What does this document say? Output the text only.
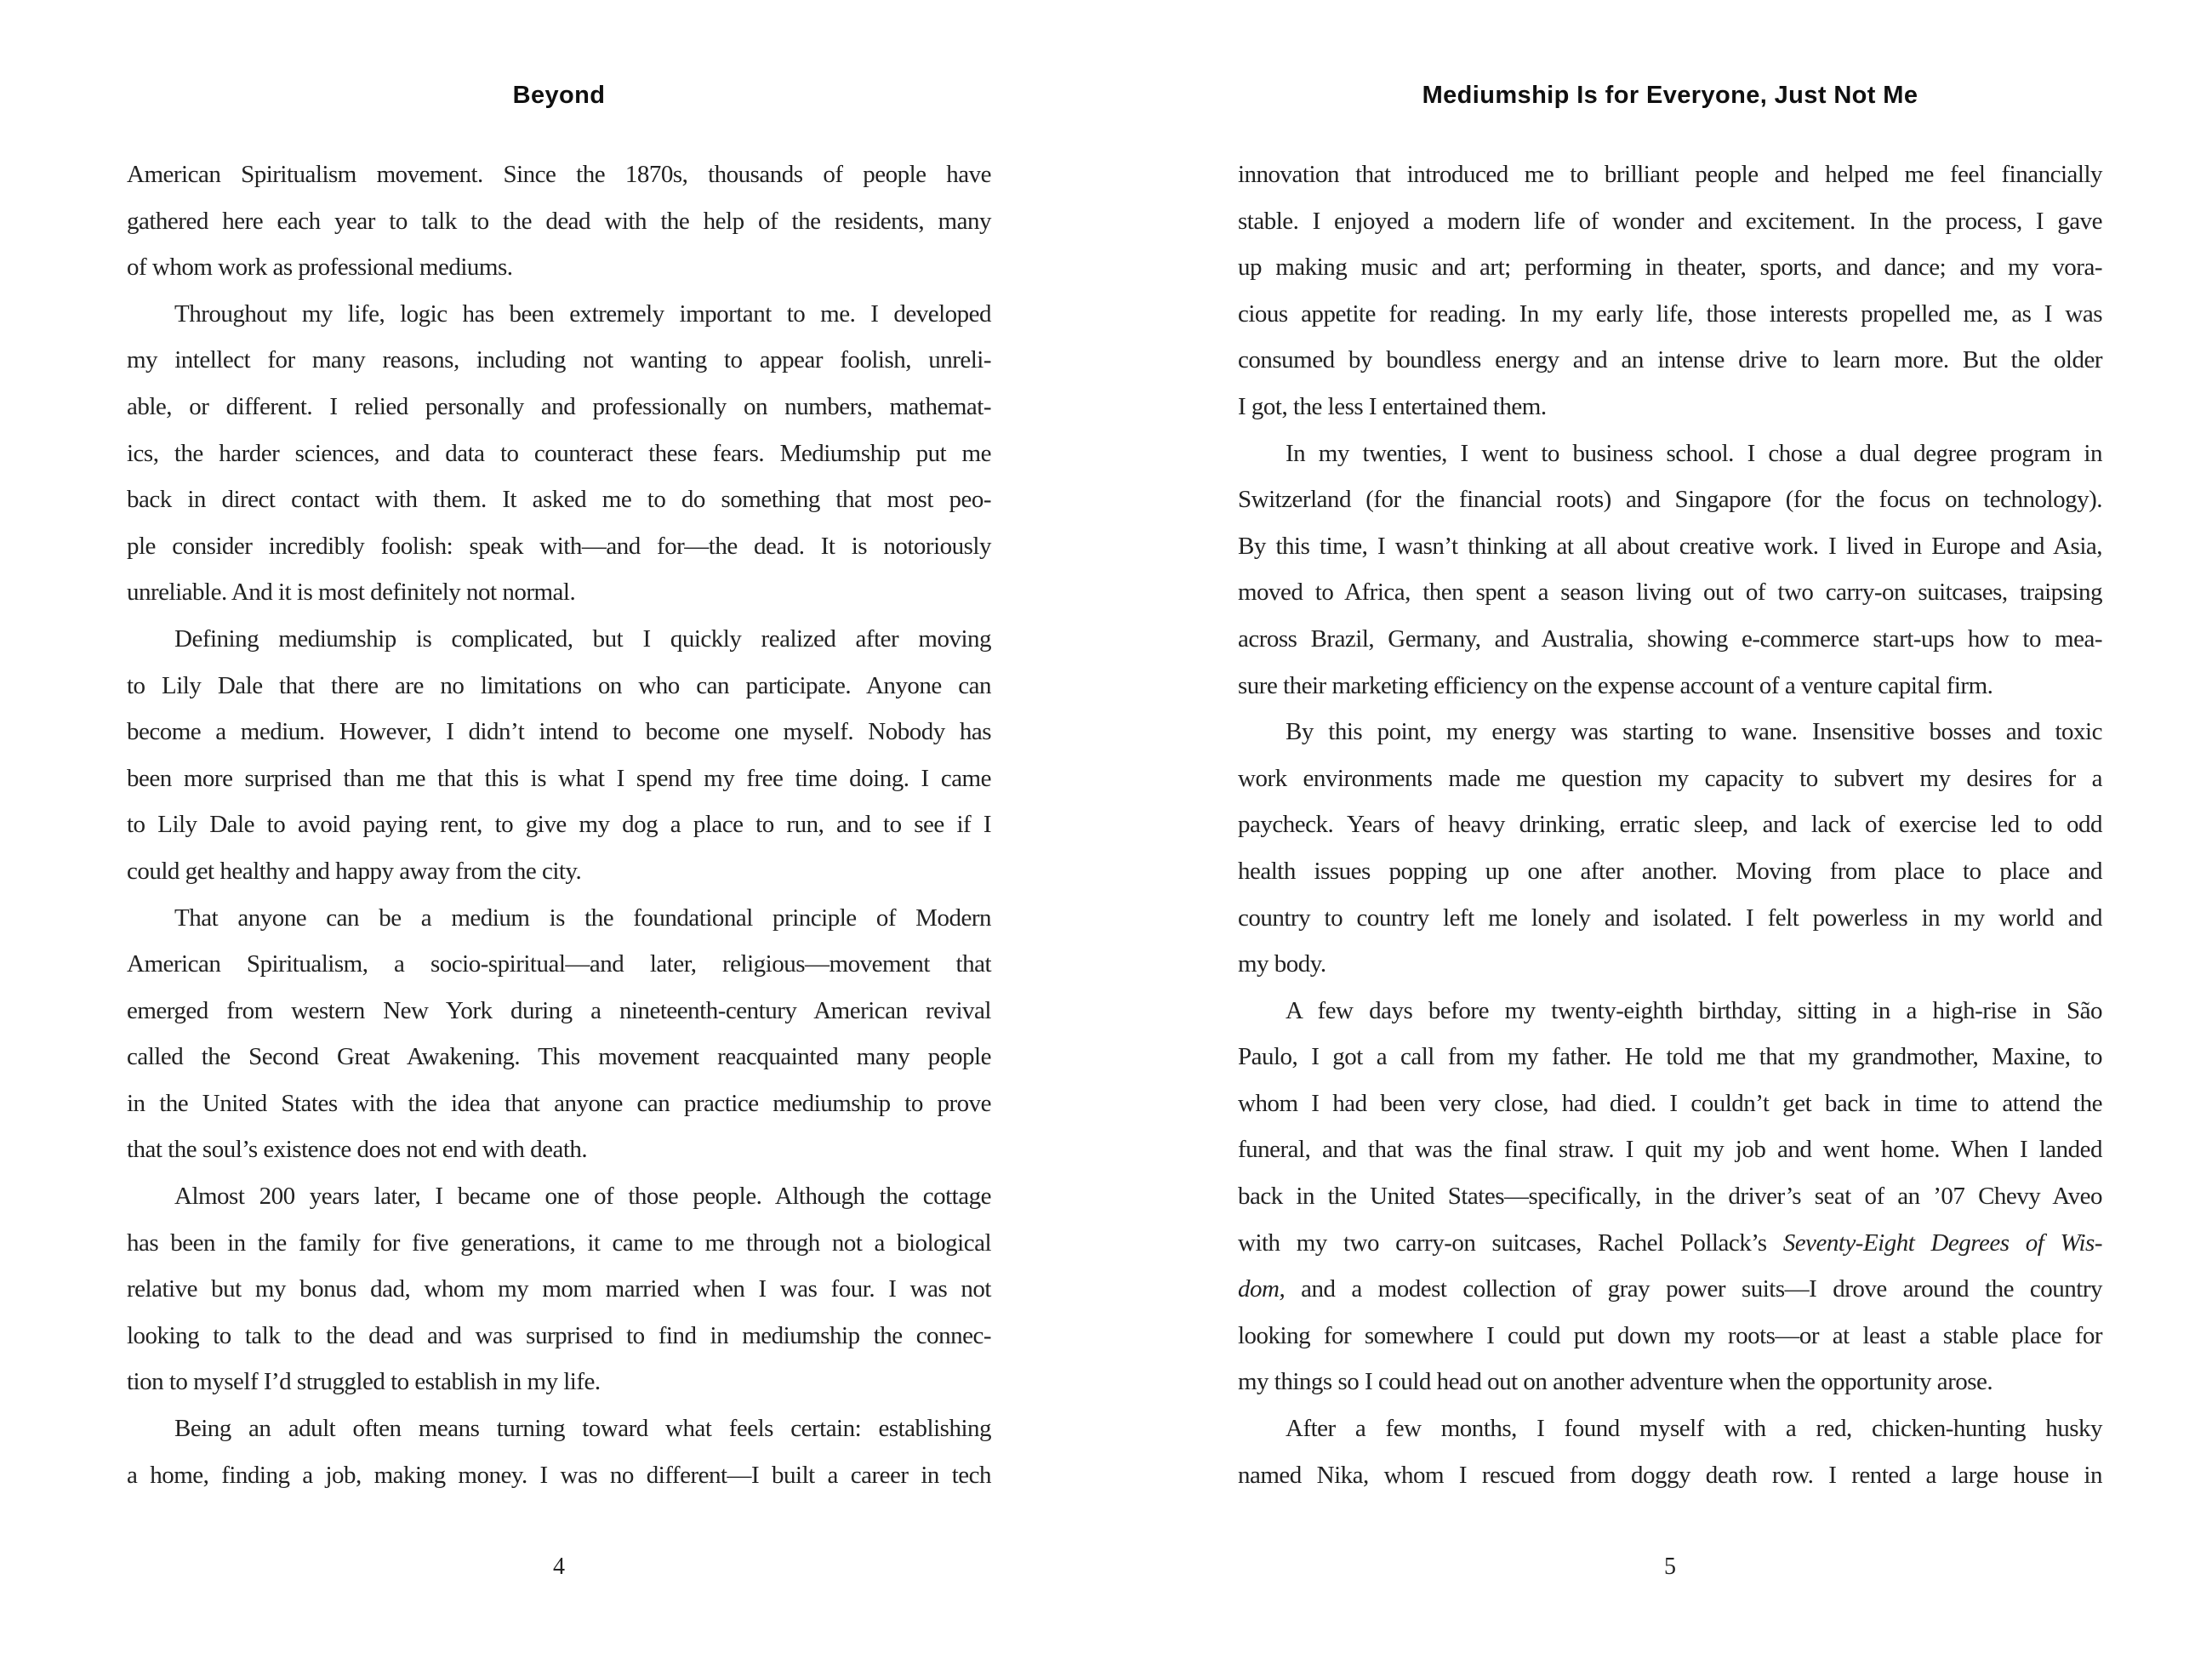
Beyond
American Spiritualism movement. Since the 1870s, thousands of people have
gathered here each year to talk to the dead with the help of the residents, many
of whom work as professional mediums.
Throughout my life, logic has been extremely important to me. I developed
my intellect for many reasons, including not wanting to appear foolish, unreli-
able, or different. I relied personally and professionally on numbers, mathemat-
ics, the harder sciences, and data to counteract these fears. Mediumship put me
back in direct contact with them. It asked me to do something that most peo-
ple consider incredibly foolish: speak with—and for—the dead. It is notoriously
unreliable. And it is most definitely not normal.
Defining mediumship is complicated, but I quickly realized after moving
to Lily Dale that there are no limitations on who can participate. Anyone can
become a medium. However, I didn’t intend to become one myself. Nobody has
been more surprised than me that this is what I spend my free time doing. I came
to Lily Dale to avoid paying rent, to give my dog a place to run, and to see if I
could get healthy and happy away from the city.
That anyone can be a medium is the foundational principle of Modern
American Spiritualism, a socio-spiritual—and later, religious—movement that
emerged from western New York during a nineteenth-century American revival
called the Second Great Awakening. This movement reacquainted many people
in the United States with the idea that anyone can practice mediumship to prove
that the soul’s existence does not end with death.
Almost 200 years later, I became one of those people. Although the cottage
has been in the family for five generations, it came to me through not a biological
relative but my bonus dad, whom my mom married when I was four. I was not
looking to talk to the dead and was surprised to find in mediumship the connec-
tion to myself I’d struggled to establish in my life.
Being an adult often means turning toward what feels certain: establishing
a home, finding a job, making money. I was no different—I built a career in tech
4
Mediumship Is for Everyone, Just Not Me
innovation that introduced me to brilliant people and helped me feel financially
stable. I enjoyed a modern life of wonder and excitement. In the process, I gave
up making music and art; performing in theater, sports, and dance; and my vora-
cious appetite for reading. In my early life, those interests propelled me, as I was
consumed by boundless energy and an intense drive to learn more. But the older
I got, the less I entertained them.
In my twenties, I went to business school. I chose a dual degree program in
Switzerland (for the financial roots) and Singapore (for the focus on technology).
By this time, I wasn’t thinking at all about creative work. I lived in Europe and Asia,
moved to Africa, then spent a season living out of two carry-on suitcases, traipsing
across Brazil, Germany, and Australia, showing e-commerce start-ups how to mea-
sure their marketing efficiency on the expense account of a venture capital firm.
By this point, my energy was starting to wane. Insensitive bosses and toxic
work environments made me question my capacity to subvert my desires for a
paycheck. Years of heavy drinking, erratic sleep, and lack of exercise led to odd
health issues popping up one after another. Moving from place to place and
country to country left me lonely and isolated. I felt powerless in my world and
my body.
A few days before my twenty-eighth birthday, sitting in a high-rise in São
Paulo, I got a call from my father. He told me that my grandmother, Maxine, to
whom I had been very close, had died. I couldn’t get back in time to attend the
funeral, and that was the final straw. I quit my job and went home. When I landed
back in the United States—specifically, in the driver’s seat of an ’07 Chevy Aveo
with my two carry-on suitcases, Rachel Pollack’s Seventy-Eight Degrees of Wis-
dom, and a modest collection of gray power suits—I drove around the country
looking for somewhere I could put down my roots—or at least a stable place for
my things so I could head out on another adventure when the opportunity arose.
After a few months, I found myself with a red, chicken-hunting husky
named Nika, whom I rescued from doggy death row. I rented a large house in
5
